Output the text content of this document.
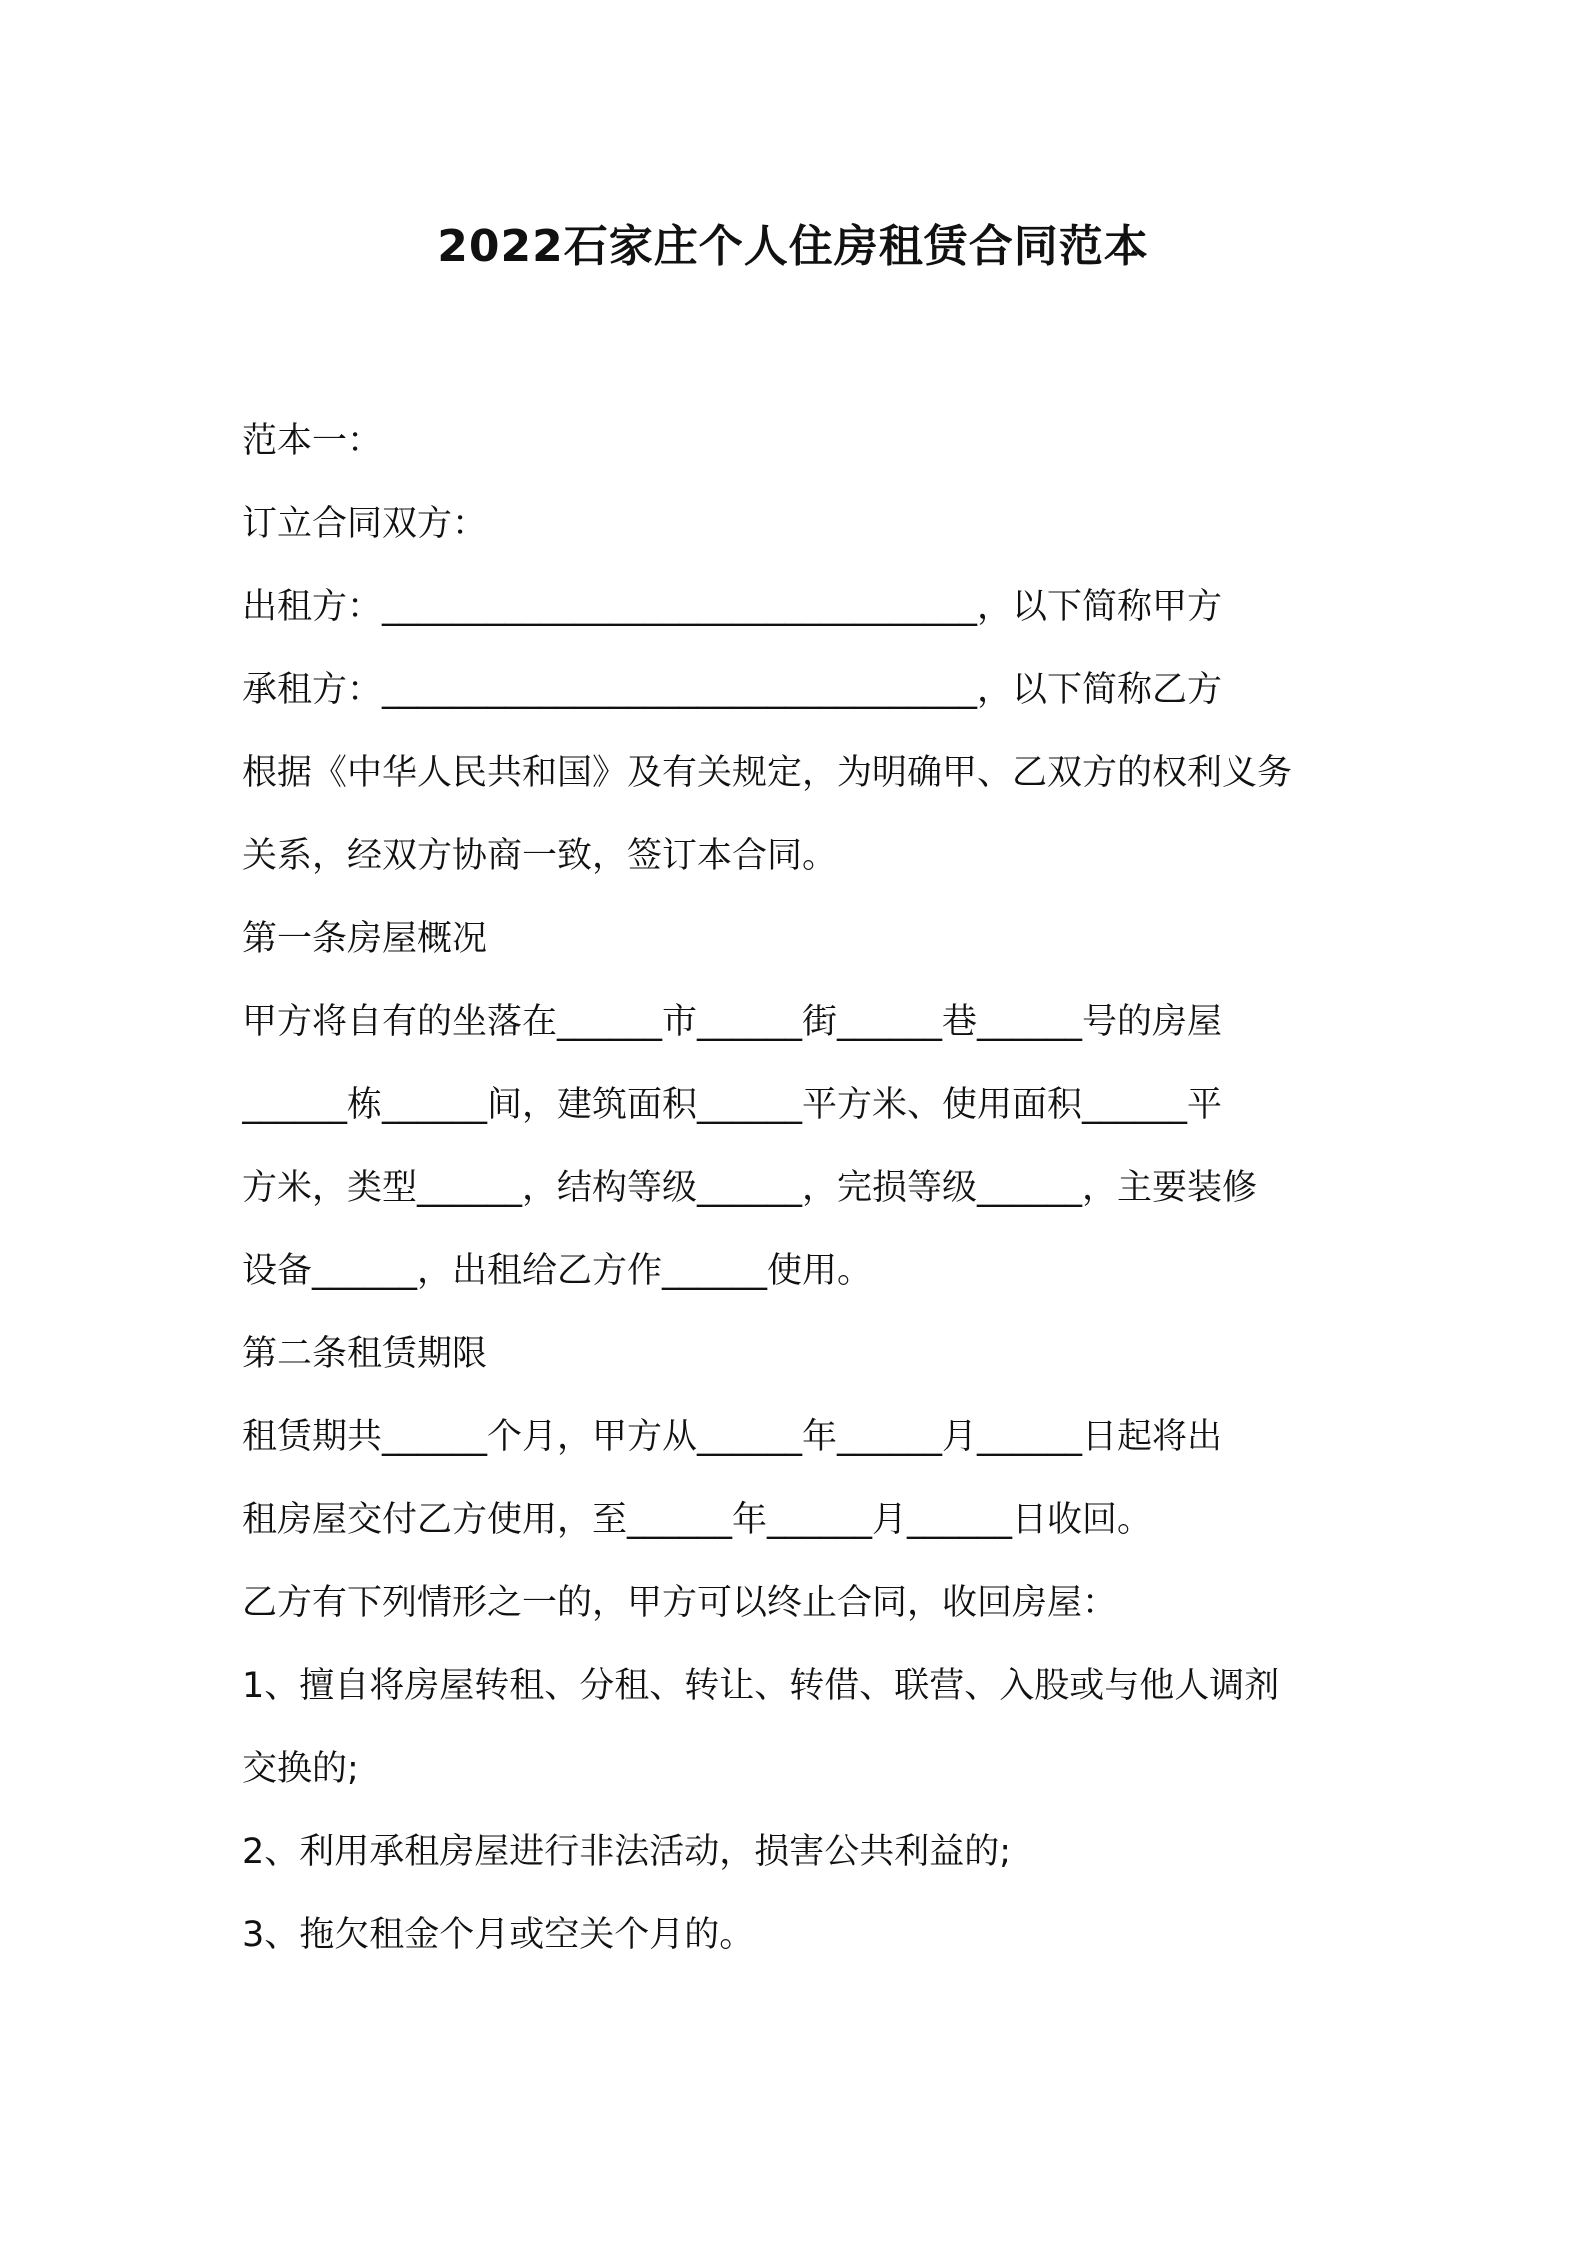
2022石家庄个人住房租赁合同范本
范本一：
订立合同双方：
出租方：__________________________________，以下简称甲方
承租方：__________________________________，以下简称乙方
根据《中华人民共和国》及有关规定，为明确甲、乙双方的权利义务
关系，经双方协商一致，签订本合同。
第一条房屋概况
甲方将自有的坐落在______市______街______巷______号的房屋
______栋______间，建筑面积______平方米、使用面积______平
方米，类型______，结构等级______，完损等级______，主要装修
设备______，出租给乙方作______使用。
第二条租赁期限
租赁期共______个月，甲方从______年______月______日起将出
租房屋交付乙方使用，至______年______月______日收回。
乙方有下列情形之一的，甲方可以终止合同，收回房屋：
1、擅自将房屋转租、分租、转让、转借、联营、入股或与他人调剂
交换的;
2、利用承租房屋进行非法活动，损害公共利益的;
3、拖欠租金个月或空关个月的。
